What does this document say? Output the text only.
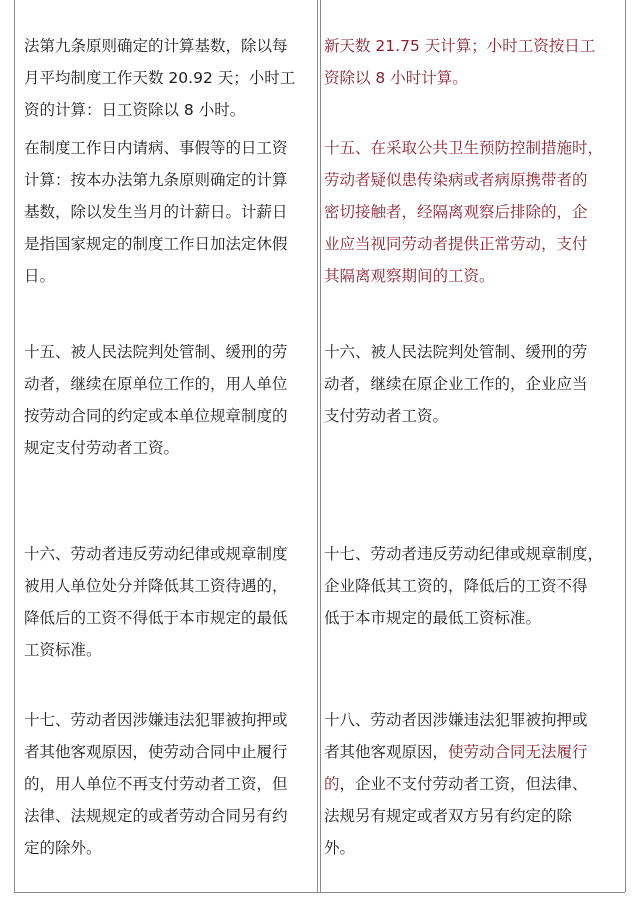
法第九条原则确定的计算基数，除以每
月平均制度工作天数 20.92 天；小时工
资的计算：日工资除以 8 小时。
新天数 21.75 天计算；小时工资按日工
资除以 8 小时计算。
在制度工作日内请病、事假等的日工资
计算：按本办法第九条原则确定的计算
基数，除以发生当月的计薪日。计薪日
是指国家规定的制度工作日加法定休假
日。
十五、在采取公共卫生预防控制措施时，
劳动者疑似患传染病或者病原携带者的
密切接触者，经隔离观察后排除的，企
业应当视同劳动者提供正常劳动，支付
其隔离观察期间的工资。
十五、被人民法院判处管制、缓刑的劳
动者，继续在原单位工作的，用人单位
按劳动合同的约定或本单位规章制度的
规定支付劳动者工资。
十六、被人民法院判处管制、缓刑的劳
动者，继续在原企业工作的，企业应当
支付劳动者工资。
十六、劳动者违反劳动纪律或规章制度
被用人单位处分并降低其工资待遇的，
降低后的工资不得低于本市规定的最低
工资标准。
十七、劳动者违反劳动纪律或规章制度，
企业降低其工资的，降低后的工资不得
低于本市规定的最低工资标准。
十七、劳动者因涉嫌违法犯罪被拘押或
者其他客观原因，使劳动合同中止履行
的，用人单位不再支付劳动者工资，但
法律、法规规定的或者劳动合同另有约
定的除外。
十八、劳动者因涉嫌违法犯罪被拘押或
者其他客观原因，使劳动合同无法履行
的，企业不支付劳动者工资，但法律、
法规另有规定或者双方另有约定的除
外。
